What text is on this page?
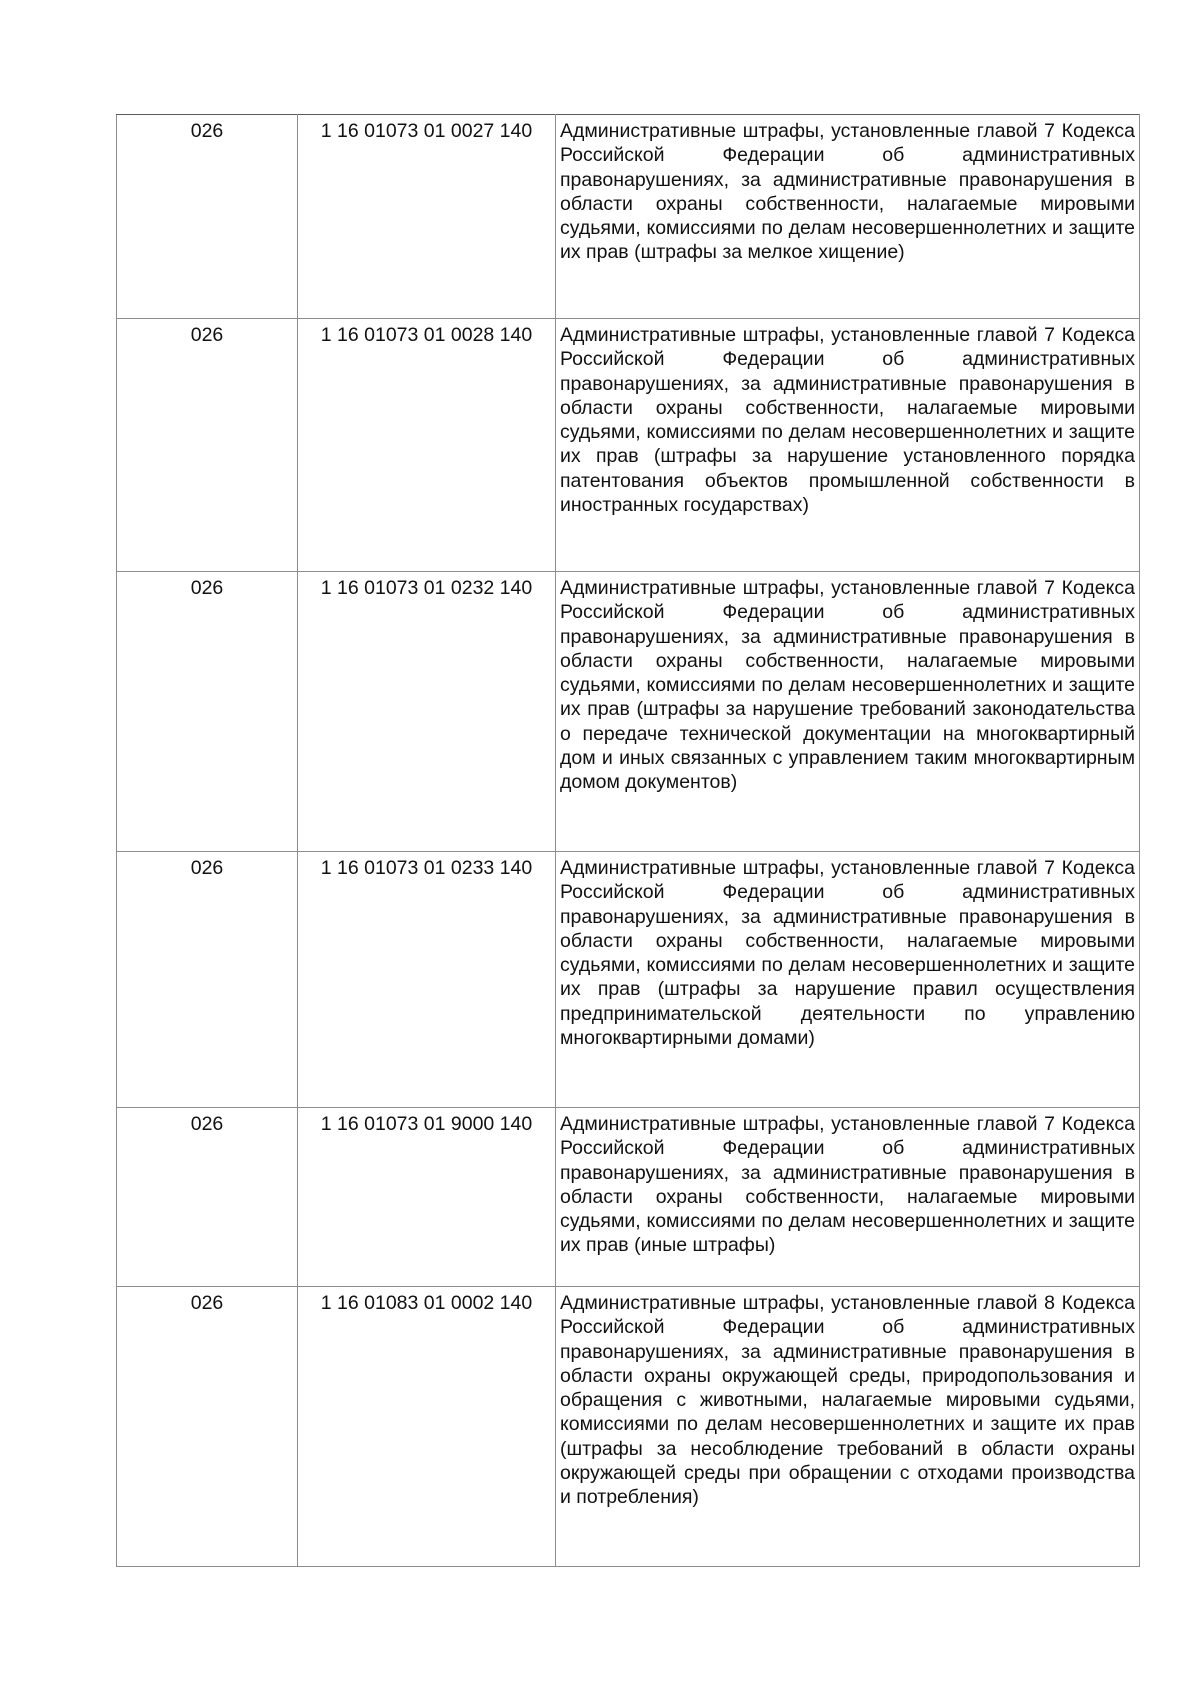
026	1 16 01073 01 0027 140	Административные штрафы, установленные главой 7 Кодекса Российской Федерации об административных правонарушениях, за административные правонарушения в области охраны собственности, налагаемые мировыми судьями, комиссиями по делам несовершеннолетних и защите их прав (штрафы за мелкое хищение)
026	1 16 01073 01 0028 140	Административные штрафы, установленные главой 7 Кодекса Российской Федерации об административных правонарушениях, за административные правонарушения в области охраны собственности, налагаемые мировыми судьями, комиссиями по делам несовершеннолетних и защите их прав (штрафы за нарушение установленного порядка патентования объектов промышленной собственности в иностранных государствах)
026	1 16 01073 01 0232 140	Административные штрафы, установленные главой 7 Кодекса Российской Федерации об административных правонарушениях, за административные правонарушения в области охраны собственности, налагаемые мировыми судьями, комиссиями по делам несовершеннолетних и защите их прав (штрафы за нарушение требований законодательства о передаче технической документации на многоквартирный дом и иных связанных с управлением таким многоквартирным домом документов)
026	1 16 01073 01 0233 140	Административные штрафы, установленные главой 7 Кодекса Российской Федерации об административных правонарушениях, за административные правонарушения в области охраны собственности, налагаемые мировыми судьями, комиссиями по делам несовершеннолетних и защите их прав (штрафы за нарушение правил осуществления предпринимательской деятельности по управлению многоквартирными домами)
026	1 16 01073 01 9000 140	Административные штрафы, установленные главой 7 Кодекса Российской Федерации об административных правонарушениях, за административные правонарушения в области охраны собственности, налагаемые мировыми судьями, комиссиями по делам несовершеннолетних и защите их прав (иные штрафы)
026	1 16 01083 01 0002 140	Административные штрафы, установленные главой 8 Кодекса Российской Федерации об административных правонарушениях, за административные правонарушения в области охраны окружающей среды, природопользования и обращения с животными, налагаемые мировыми судьями, комиссиями по делам несовершеннолетних и защите их прав (штрафы за несоблюдение требований в области охраны окружающей среды при обращении с отходами производства и потребления)
